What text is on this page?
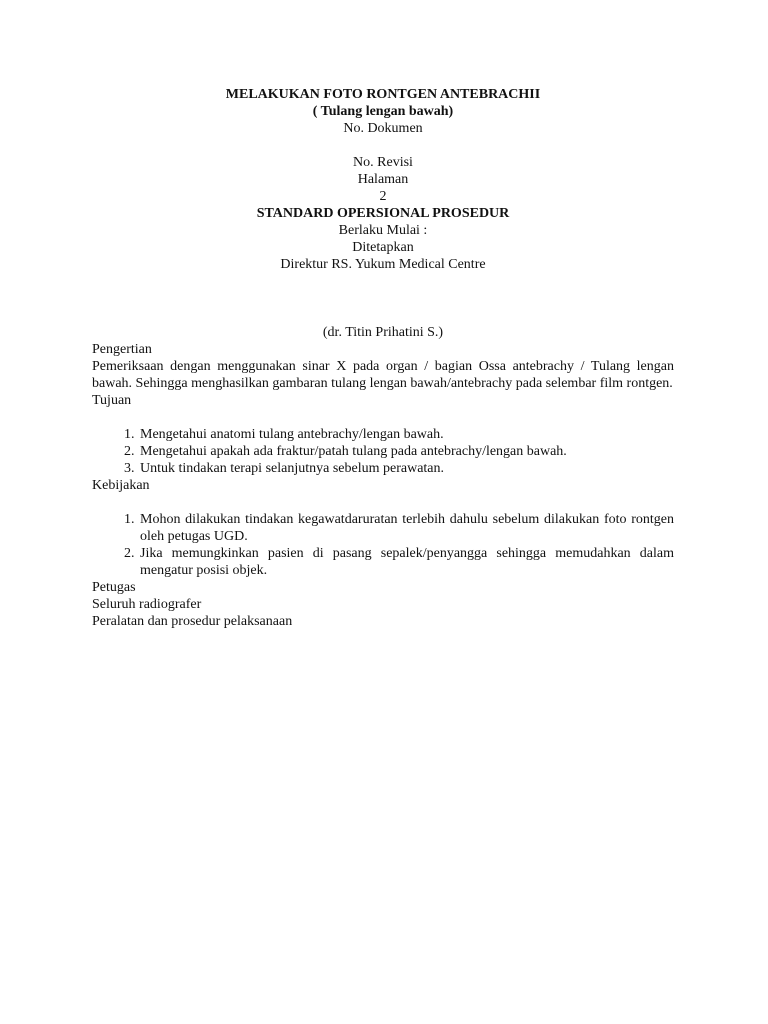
MELAKUKAN FOTO RONTGEN ANTEBRACHII
( Tulang lengan bawah)
No. Dokumen
No. Revisi
Halaman
2
STANDARD OPERSIONAL PROSEDUR
Berlaku Mulai :
Ditetapkan
Direktur RS. Yukum Medical Centre
(dr. Titin Prihatini S.)
Pengertian
Pemeriksaan dengan menggunakan sinar X pada organ / bagian Ossa antebrachy / Tulang lengan bawah. Sehingga menghasilkan gambaran tulang lengan bawah/antebrachy pada selembar film rontgen.
Tujuan
1. Mengetahui anatomi tulang antebrachy/lengan bawah.
2. Mengetahui apakah ada fraktur/patah tulang pada antebrachy/lengan bawah.
3. Untuk tindakan terapi selanjutnya sebelum perawatan.
Kebijakan
1. Mohon dilakukan tindakan kegawatdaruratan terlebih dahulu sebelum dilakukan foto rontgen oleh petugas UGD.
2. Jika memungkinkan pasien di pasang sepalek/penyangga sehingga memudahkan dalam mengatur posisi objek.
Petugas
Seluruh radiografer
Peralatan dan prosedur pelaksanaan
